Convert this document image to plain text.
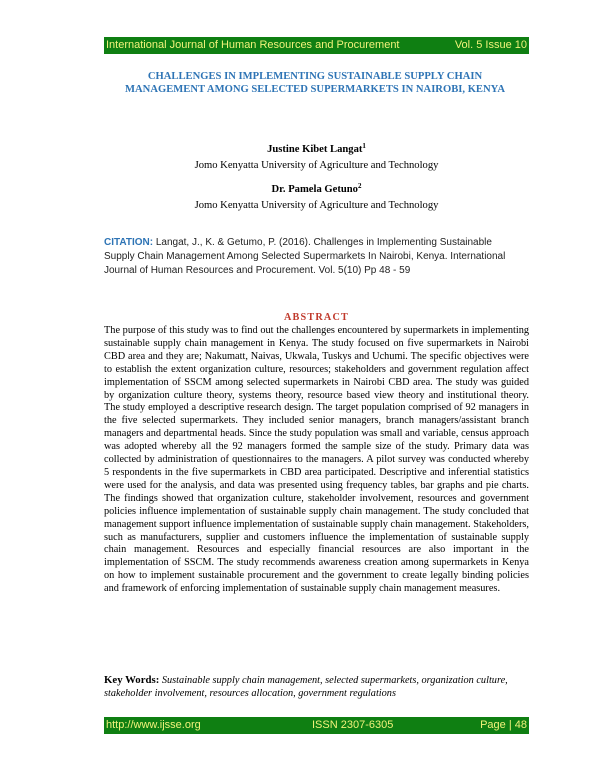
International Journal of Human Resources and Procurement	Vol. 5 Issue 10
CHALLENGES IN IMPLEMENTING SUSTAINABLE SUPPLY CHAIN MANAGEMENT AMONG SELECTED SUPERMARKETS IN NAIROBI, KENYA
Justine Kibet Langat$^1$
Jomo Kenyatta University of Agriculture and Technology
Dr. Pamela Getuno$^2$
Jomo Kenyatta University of Agriculture and Technology
CITATION: Langat, J., K. & Getumo, P. (2016). Challenges in Implementing Sustainable Supply Chain Management Among Selected Supermarkets In Nairobi, Kenya. International Journal of Human Resources and Procurement. Vol. 5(10) Pp 48 - 59
ABSTRACT

The purpose of this study was to find out the challenges encountered by supermarkets in implementing sustainable supply chain management in Kenya. The study focused on five supermarkets in Nairobi CBD area and they are; Nakumatt, Naivas, Ukwala, Tuskys and Uchumi. The specific objectives were to establish the extent organization culture, resources; stakeholders and government regulation affect implementation of SSCM among selected supermarkets in Nairobi CBD area. The study was guided by organization culture theory, systems theory, resource based view theory and institutional theory. The study employed a descriptive research design. The target population comprised of 92 managers in the five selected supermarkets. They included senior managers, branch managers/assistant branch managers and departmental heads. Since the study population was small and variable, census approach was adopted whereby all the 92 managers formed the sample size of the study. Primary data was collected by administration of questionnaires to the managers. A pilot survey was conducted whereby 5 respondents in the five supermarkets in CBD area participated. Descriptive and inferential statistics were used for the analysis, and data was presented using frequency tables, bar graphs and pie charts. The findings showed that organization culture, stakeholder involvement, resources and government policies influence implementation of sustainable supply chain management. The study concluded that management support influence implementation of sustainable supply chain management. Stakeholders, such as manufacturers, supplier and customers influence the implementation of sustainable supply chain management. Resources and especially financial resources are also important in the implementation of SSCM. The study recommends awareness creation among supermarkets in Kenya on how to implement sustainable procurement and the government to create legally binding policies and framework of enforcing implementation of sustainable supply chain management measures.

Key Words: Sustainable supply chain management, selected supermarkets, organization culture, stakeholder involvement, resources allocation, government regulations
http://www.ijsse.org	ISSN 2307-6305	Page | 48
